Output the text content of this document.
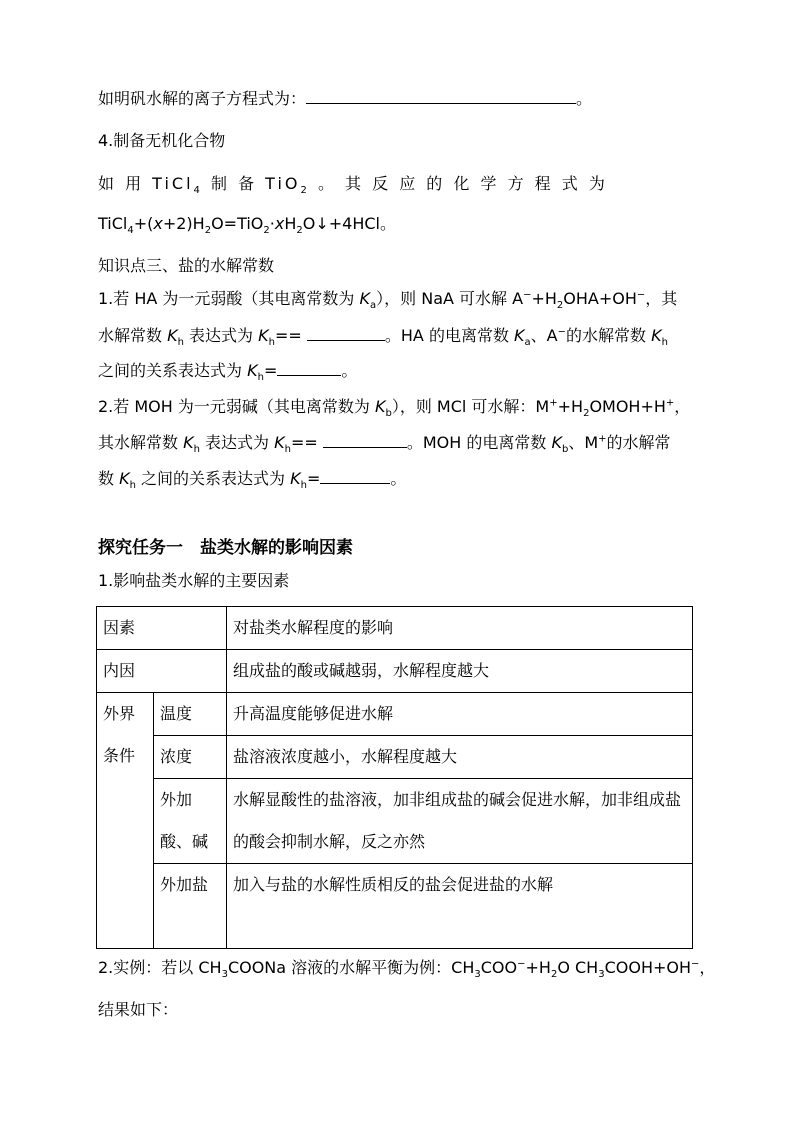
如明矾水解的离子方程式为：	。
4.制备无机化合物
如 用 TiCl$_4$ 制 备 TiO$_2$ 。 其 反 应 的 化 学 方 程 式 为
$TiCl_4+(x+2)H_2O=TiO_2\cdot xH_2O↓+4HCl$。
知识点三、盐的水解常数
1.若 HA 为一元弱酸（其电离常数为 $K_a$），则 NaA 可水解 $A^-+H_2OHA+OH^-$，其
水解常数 $K_h$ 表达式为 $K_h==$	。HA 的电离常数 $K_a$、A−的水解常数 $K_h$
之间的关系表达式为 $K_h=$	。
2.若 MOH 为一元弱碱（其电离常数为 $K_b$），则 MCl 可水解：$M^++H_2OMOH+H^+$，
其水解常数 $K_h$ 表达式为 $K_h==$	。MOH 的电离常数 $K_b$、M+的水解常
数 $K_h$ 之间的关系表达式为 $K_h=$	。
探究任务一　盐类水解的影响因素
1.影响盐类水解的主要因素
因素		对盐类水解程度的影响
内因		组成盐的酸或碱越弱，水解程度越大
外界条件	温度	升高温度能够促进水解
	浓度	盐溶液浓度越小，水解程度越大
	外加酸、碱	水解显酸性的盐溶液，加非组成盐的碱会促进水解，加非组成盐的酸会抑制水解，反之亦然
	外加盐	加入与盐的水解性质相反的盐会促进盐的水解
2.实例：若以 $CH_3COONa$ 溶液的水解平衡为例：$CH_3COO^-+H_2O$ $CH_3COOH+OH^-$，
结果如下：
